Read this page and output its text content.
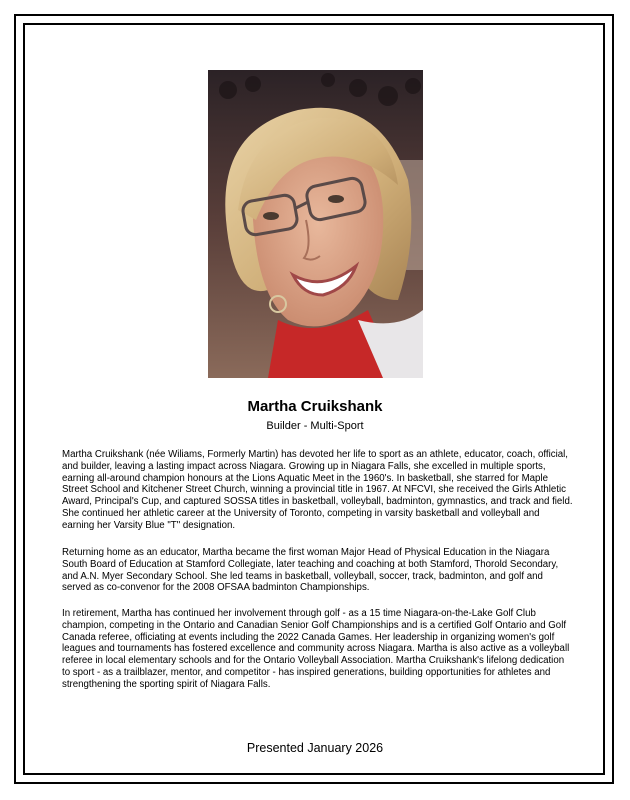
Martha Cruikshank
Builder - Multi-Sport

Martha Cruikshank (née Wiliams, Formerly Martin) has devoted her life to sport as an athlete, educator, coach, official, and builder, leaving a lasting impact across Niagara. Growing up in Niagara Falls, she excelled in multiple sports, earning all-around champion honours at the Lions Aquatic Meet in the 1960's. In basketball, she starred for Maple Street School and Kitchener Street Church, winning a provincial title in 1967. At NFCVI, she received the Girls Athletic Award, Principal's Cup, and captured SOSSA titles in basketball, volleyball, badminton, gymnastics, and track and field. She continued her athletic career at the University of Toronto, competing in varsity basketball and volleyball and earning her Varsity Blue "T" designation.

Returning home as an educator, Martha became the first woman Major Head of Physical Education in the Niagara South Board of Education at Stamford Collegiate, later teaching and coaching at both Stamford, Thorold Secondary, and A.N. Myer Secondary School. She led teams in basketball, volleyball, soccer, track, badminton, and golf and served as co-convenor for the 2008 OFSAA badminton Championships.

In retirement, Martha has continued her involvement through golf - as a 15 time Niagara-on-the-Lake Golf Club champion, competing in the Ontario and Canadian Senior Golf Championships and is a certified Golf Ontario and Golf Canada referee, officiating at events including the 2022 Canada Games. Her leadership in organizing women's golf leagues and tournaments has fostered excellence and community across Niagara. Martha is also active as a volleyball referee in local elementary schools and for the Ontario Volleyball Association. Martha Cruikshank's lifelong dedication to sport - as a trailblazer, mentor, and competitor - has inspired generations, building opportunities for athletes and strengthening the sporting spirit of Niagara Falls.

Presented January 2026
